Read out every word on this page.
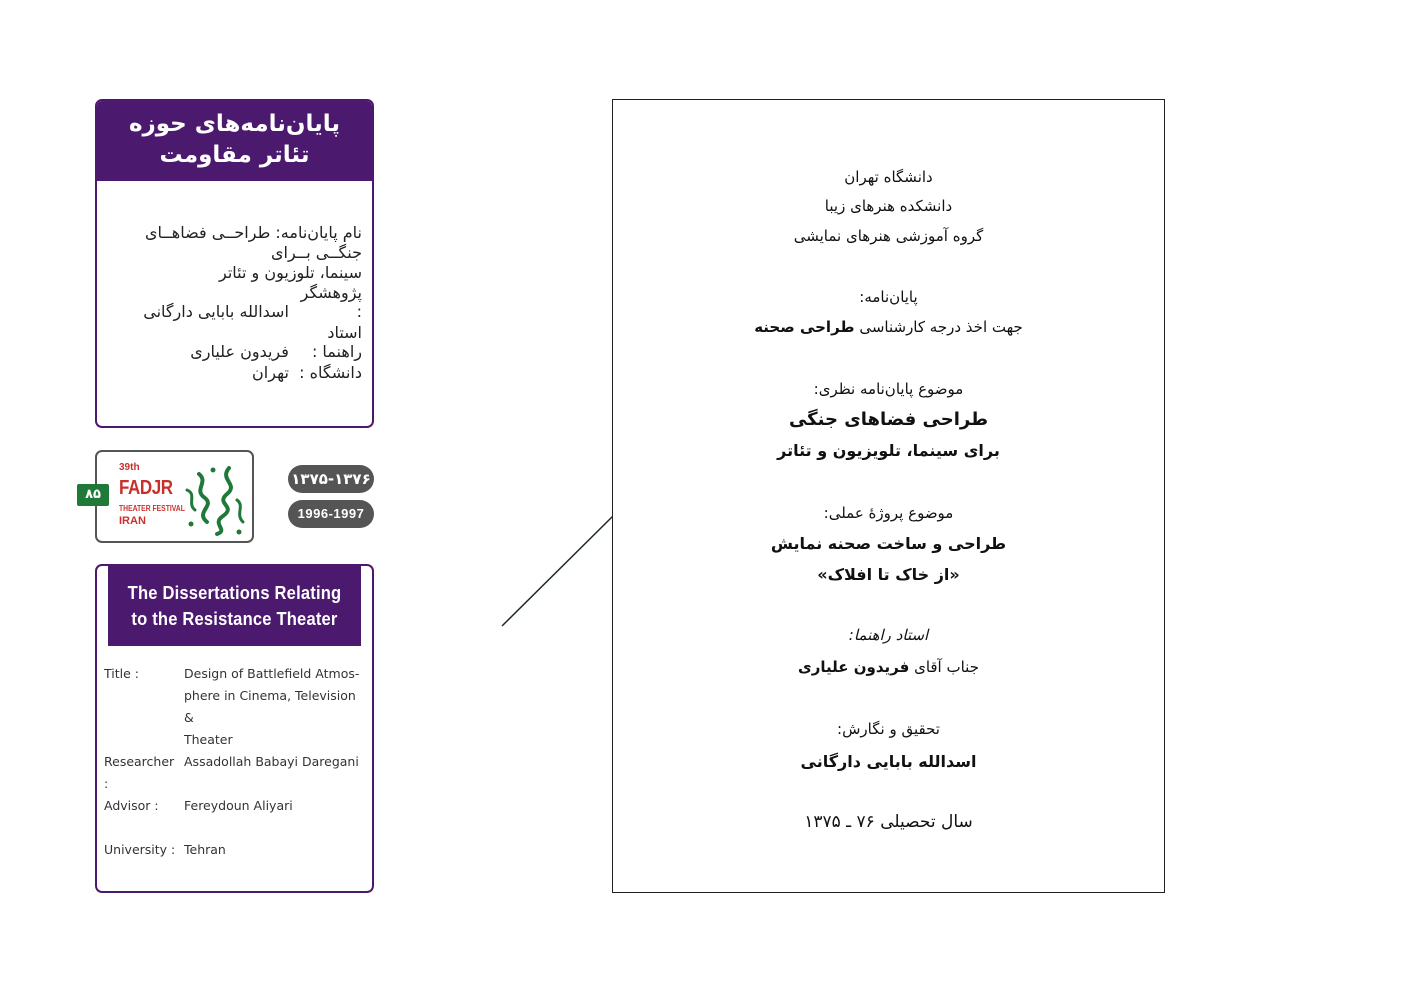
پایان‌نامه‌های حوزه
تئاتر مقاومت
نام پایان‌نامه: طراحــی فضاهــای جنگــی بــرای
سینما، تلوزیون و تئاتر
پژوهشگر : اسدالله بابایی دارگانی
استاد راهنما : فریدون علیاری
دانشگاه : تهران
۸۵
39th
FADJR
THEATER FESTIVAL
IRAN
۱۳۷۵-۱۳۷۶
1996-1997
The Dissertations Relating
to the Resistance Theater
Title :	Design of Battlefield Atmos-
phere in Cinema, Television &
Theater
Researcher :
Assadollah Babayi Daregani
Advisor :	Fereydoun Aliyari
University : Tehran
دانشگاه تهران
دانشکده هنرهای زیبا
گروه آموزشی هنرهای نمایشی
پایان‌نامه:
جهت اخذ درجه کارشناسی طراحی صحنه
موضوع پایان‌نامه نظری:
طراحی فضاهای جنگی
برای سینما، تلویزیون و تئاتر
موضوع پروژهٔ عملی:
طراحی و ساخت صحنه نمایش
«از خاک تا افلاک»
استاد راهنما:
جناب آقای فریدون علیاری
تحقیق و نگارش:
اسدالله بابایی دارگانی
سال تحصیلی ۷۶ ـ ۱۳۷۵
